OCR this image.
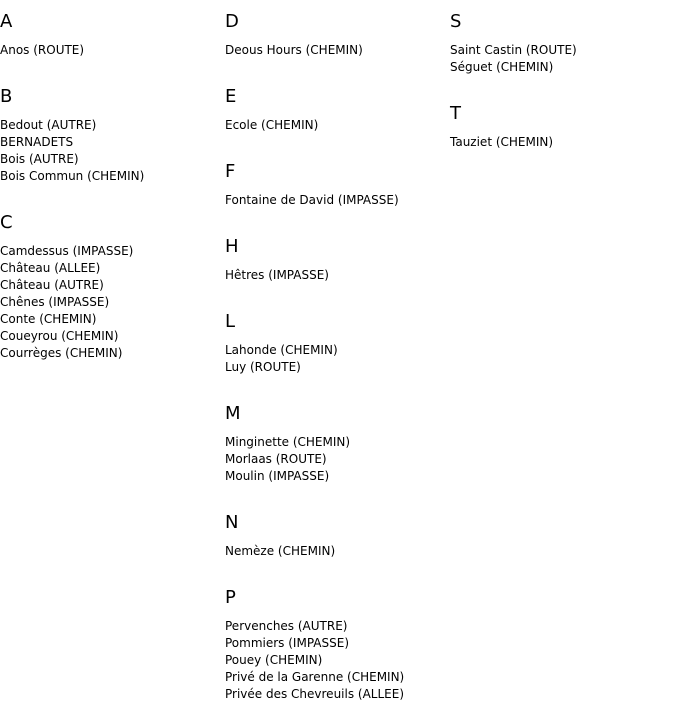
A
Anos (ROUTE)
B
Bedout (AUTRE)
BERNADETS
Bois (AUTRE)
Bois Commun (CHEMIN)
C
Camdessus (IMPASSE)
Château (ALLEE)
Château (AUTRE)
Chênes (IMPASSE)
Conte (CHEMIN)
Coueyrou (CHEMIN)
Courrèges (CHEMIN)
D
Deous Hours (CHEMIN)
E
Ecole (CHEMIN)
F
Fontaine de David (IMPASSE)
H
Hêtres (IMPASSE)
L
Lahonde (CHEMIN)
Luy (ROUTE)
M
Minginette (CHEMIN)
Morlaas (ROUTE)
Moulin (IMPASSE)
N
Nemèze (CHEMIN)
P
Pervenches (AUTRE)
Pommiers (IMPASSE)
Pouey (CHEMIN)
Privé de la Garenne (CHEMIN)
Privée des Chevreuils (ALLEE)
S
Saint Castin (ROUTE)
Séguet (CHEMIN)
T
Tauziet (CHEMIN)
